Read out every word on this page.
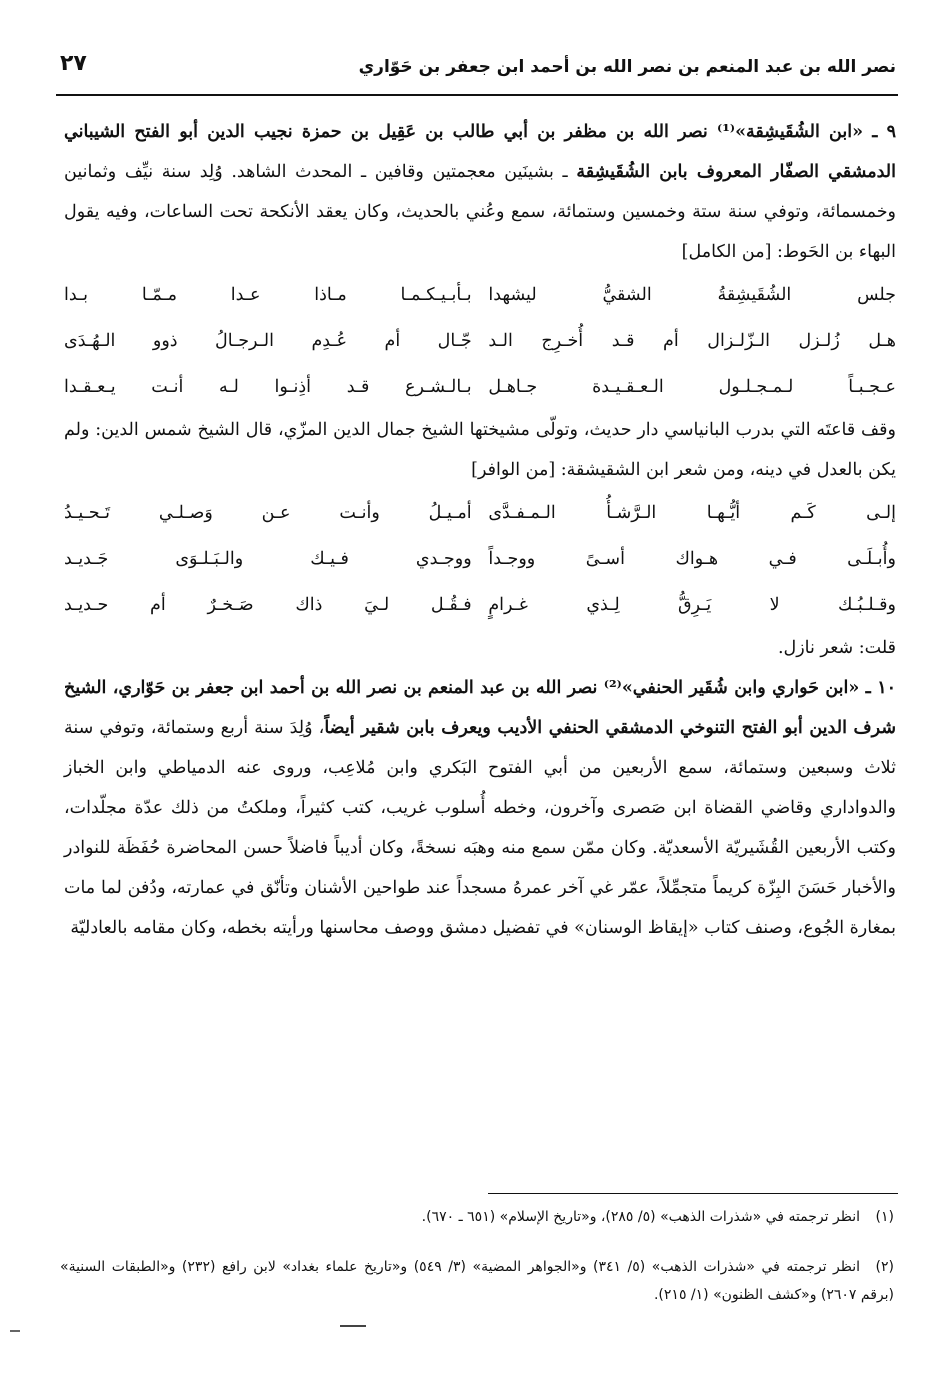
نصر الله بن عبد المنعم بن نصر الله بن أحمد ابن جعفر بن حَوّاري
٢٧

٩ ـ «ابن الشُقَيشِقة»⁽¹⁾ نصر الله بن مظفر بن أبي طالب بن عَقِيل بن حمزة نجيب الدين أبو الفتح الشيباني الدمشقي الصفّار المعروف بابن الشُقَيشِقة ـ بشينَين معجمتين وقافين ـ المحدث الشاهد. وُلِد سنة نيِّف وثمانين وخمسمائة، وتوفي سنة ستة وخمسين وستمائة، سمع وعُني بالحديث، وكان يعقد الأنكحة تحت الساعات، وفيه يقول البهاء بن الحَوط: [من الكامل]

جلس الشُقَيشِقةُ الشقيُّ ليشهدا
بـأبـيـكـمـا مـاذا عـدا مـمّـا بـدا
هـل زُلـزل الـزّلـزال أم قـد أُخـرِج الـد
جّـال أم عُـدِم الـرجـالُ ذوو الـهُـدَى
عـجـبـاً لـمـجـلـول الـعـقـيـدة جـاهـل
بـالـشـرع قـد أذِنـوا لـه أنـت يـعـقـدا

وقف قاعتَه التي بدرب البانياسي دار حديث، وتولّى مشيختها الشيخ جمال الدين المزّي، قال الشيخ شمس الدين: ولم يكن بالعدل في دينه، ومن شعر ابن الشقيشقة: [من الوافر]

إلـى كَـم أيُّـهـا الـرَّشـأُ الـمـفـدَّى
أمـيـلُ وأنـت عـن وَصـلـي تَـحـيـدُ
وأُبـلَـى فـي هـواك أسـىً ووجـداً
ووجـدي فـيـك والـبَـلـوَى جَـديـد
وقـلـبُـك لا يَـرِقُّ لِـذي غـرامٍ
فـقُـل لـيَ ذاك صَـخـرٌ أم حـديـد

قلت: شعر نازل.

١٠ ـ «ابن حَواري وابن شُقَير الحنفي»⁽²⁾ نصر الله بن عبد المنعم بن نصر الله بن أحمد ابن جعفر بن حَوّاري، الشيخ شرف الدين أبو الفتح التنوخي الدمشقي الحنفي الأديب ويعرف بابن شقير أيضاً، وُلِدَ سنة أربع وستمائة، وتوفي سنة ثلاث وسبعين وستمائة، سمع الأربعين من أبي الفتوح البَكري وابن مُلاعِب، وروى عنه الدمياطي وابن الخباز والدواداري وقاضي القضاة ابن صَصرى وآخرون، وخطه أُسلوب غريب، كتب كثيراً، وملكتُ من ذلك عدّة مجلّدات، وكتب الأربعين القُشَيريّة الأسعديّة. وكان ممّن سمع منه وهبَه نسخةً، وكان أديباً فاضلاً حسن المحاضرة حُفَظَة للنوادر والأخبار حَسَنَ البِزّة كريماً متجمِّلاً، عمّر غي آخر عمرهُ مسجداً عند طواحين الأشنان وتأنّق في عمارته، ودُفن لما مات بمغارة الجُوع، وصنف كتاب «إيقاظ الوسنان» في تفضيل دمشق ووصف محاسنها ورأيته بخطه، وكان مقامه بالعادليّة

(١)انظر ترجمته في «شذرات الذهب» (٥/ ٢٨٥)، و«تاريخ الإسلام» (٦٥١ ـ ٦٧٠).

(٢)انظر ترجمته في «شذرات الذهب» (٥/ ٣٤١) و«الجواهر المضية» (٣/ ٥٤٩) و«تاريخ علماء بغداد» لابن رافع (٢٣٢) و«الطبقات السنية» (برقم ٢٦٠٧) و«كشف الظنون» (١/ ٢١٥).
